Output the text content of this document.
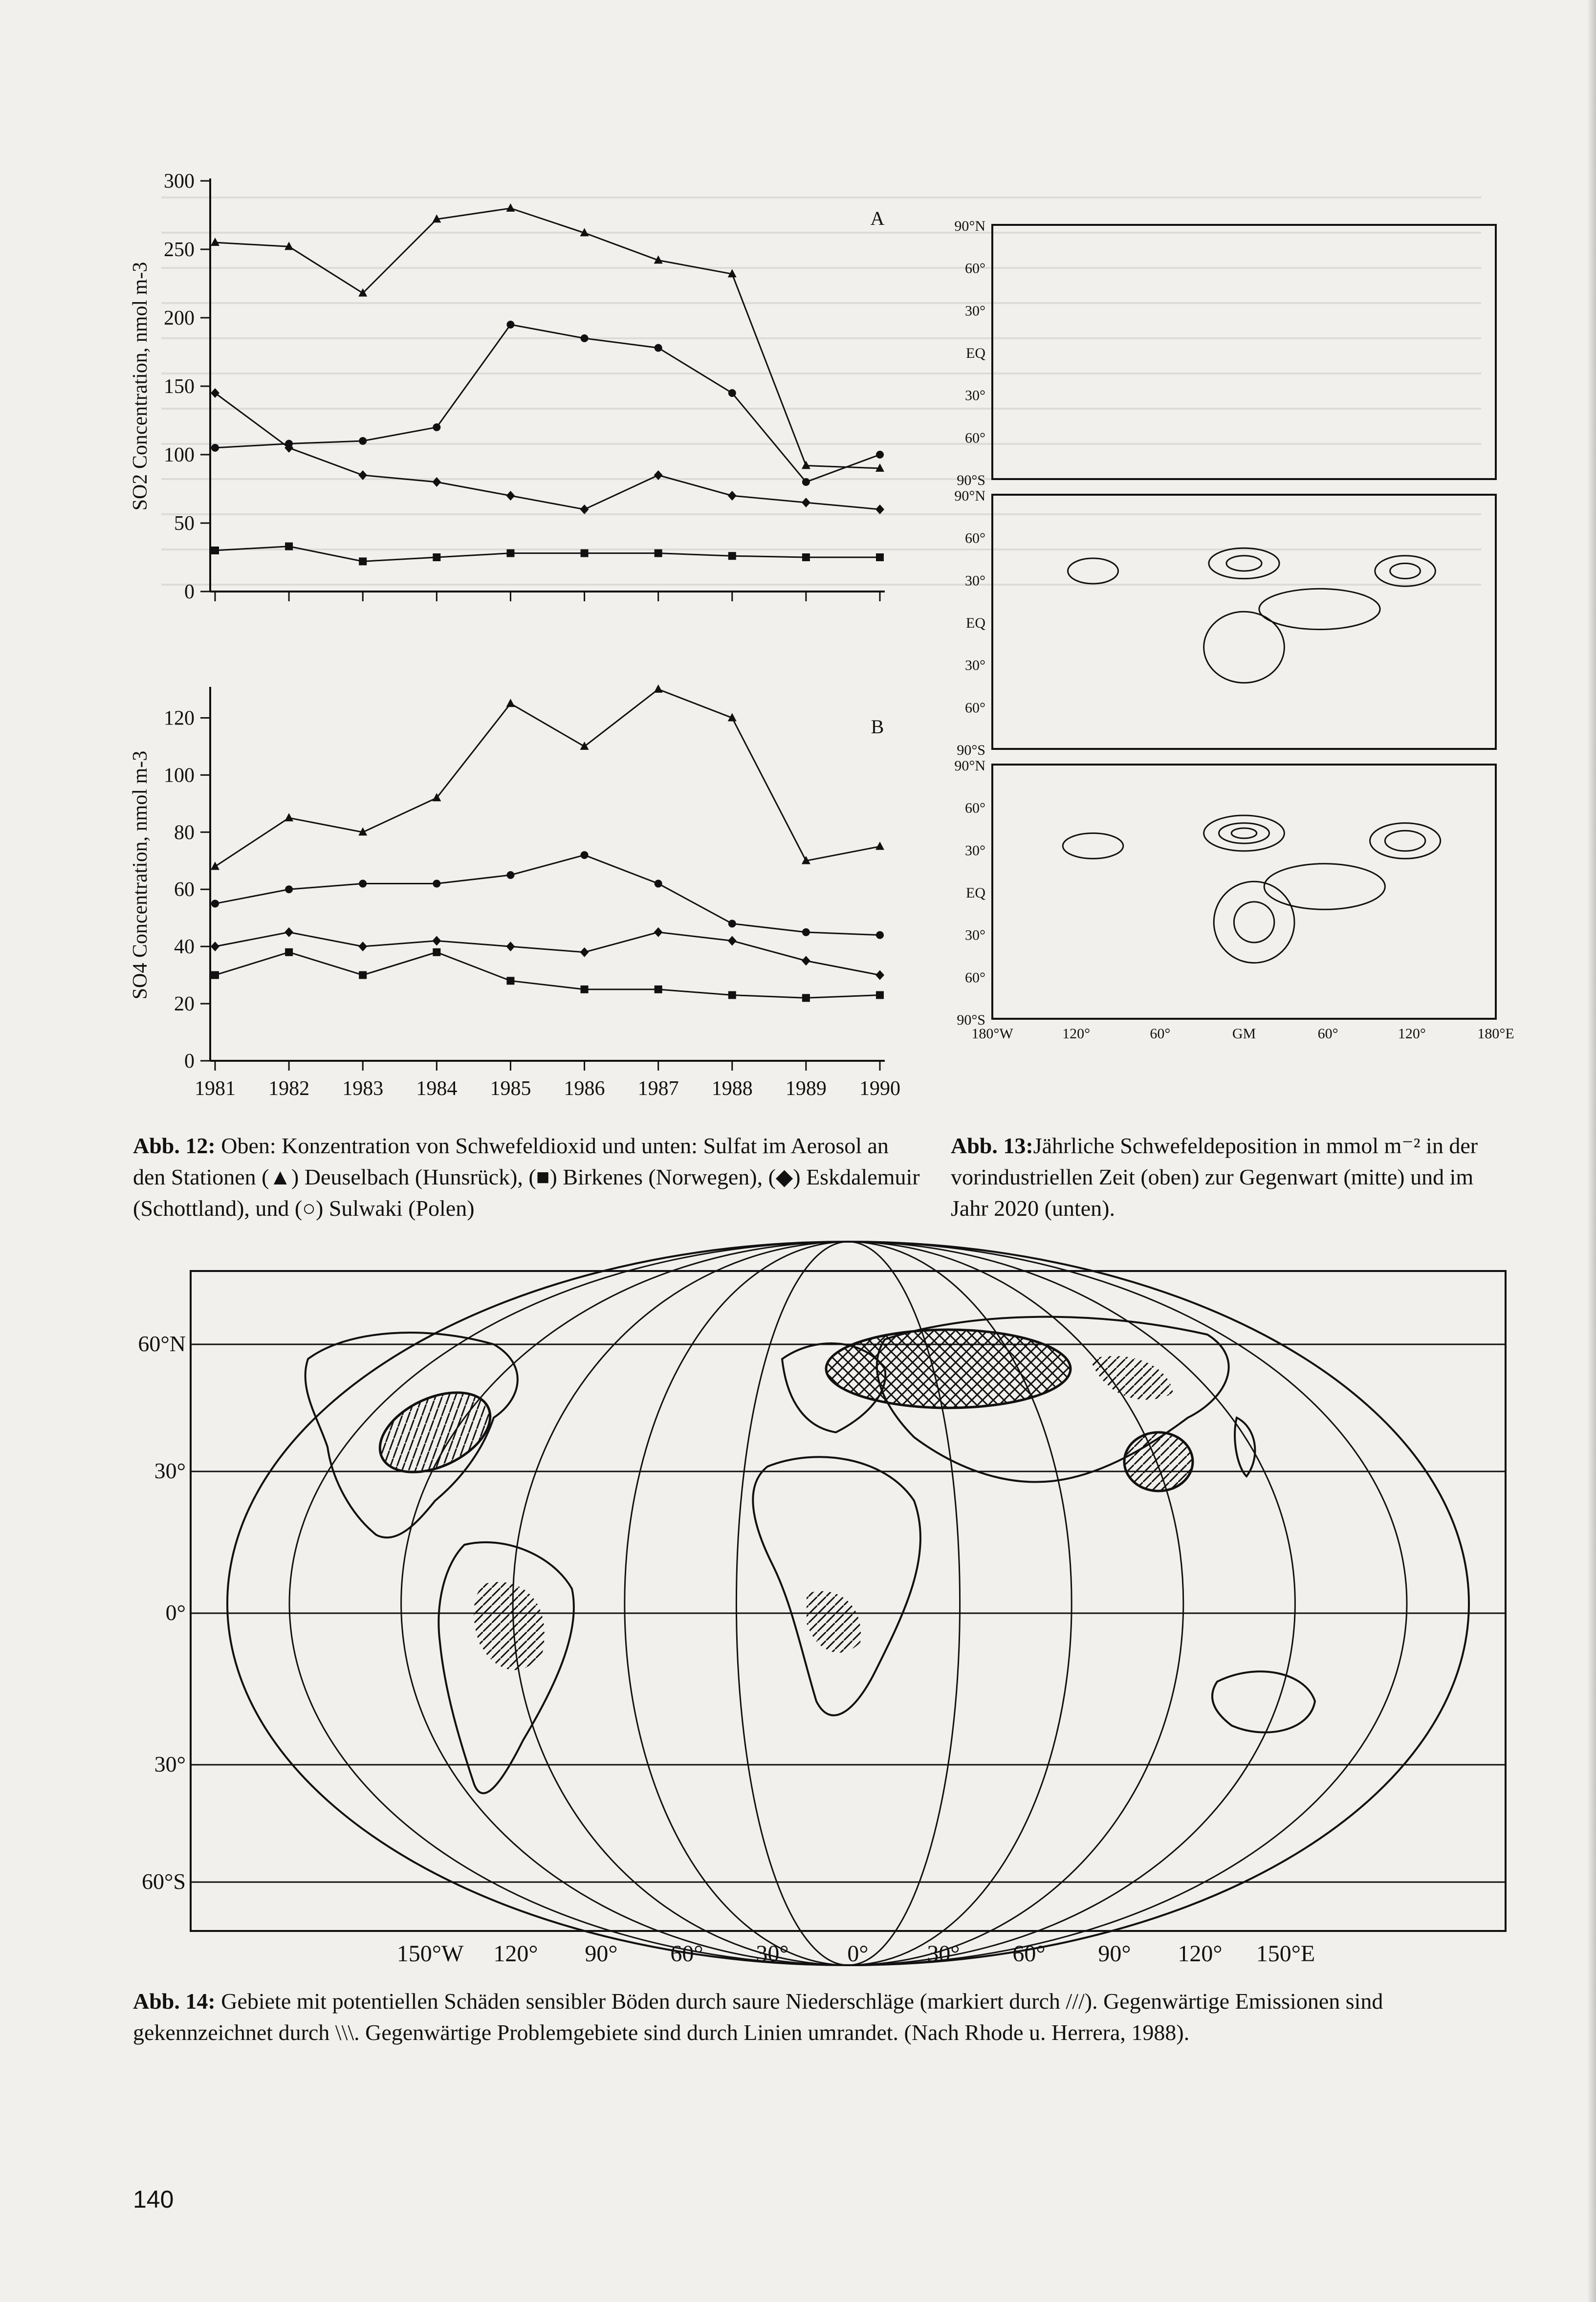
0
50
100
150
200
250
300
SO2 Concentration, nmol m-3
A
0
20
40
60
80
100
120
SO4 Concentration, nmol m-3
B
1981 1982 1983 1984 1985 1986 1987 1988 1989 1990
90°N
60°
30°
EQ
30°
60°
90°S
90°N
60°
30°
EQ
30°
60°
90°S
90°N
60°
30°
EQ
30°
60°
90°S
180°W	120°	60°	GM	60°	120°	180°E
Abb. 12: Oben: Konzentration von Schwefeldioxid und unten: Sulfat im Aerosol an den Stationen (▲) Deuselbach (Hunsrück), (■) Birkenes (Norwegen), (◆) Eskdalemuir (Schottland), und (○) Sulwaki (Polen)
Abb. 13:Jährliche Schwefeldeposition in mmol m⁻² in der vorindustriellen Zeit (oben) zur Gegenwart (mitte) und im Jahr 2020 (unten).
60°N
30°
0°
30°
60°S
150°W 120° 90° 60° 30° 0° 30° 60° 90° 120° 150°E
Abb. 14: Gebiete mit potentiellen Schäden sensibler Böden durch saure Niederschläge (markiert durch ///). Gegenwärtige Emissionen sind gekennzeichnet durch \\\. Gegenwärtige Problemgebiete sind durch Linien umrandet. (Nach Rhode u. Herrera, 1988).
140
